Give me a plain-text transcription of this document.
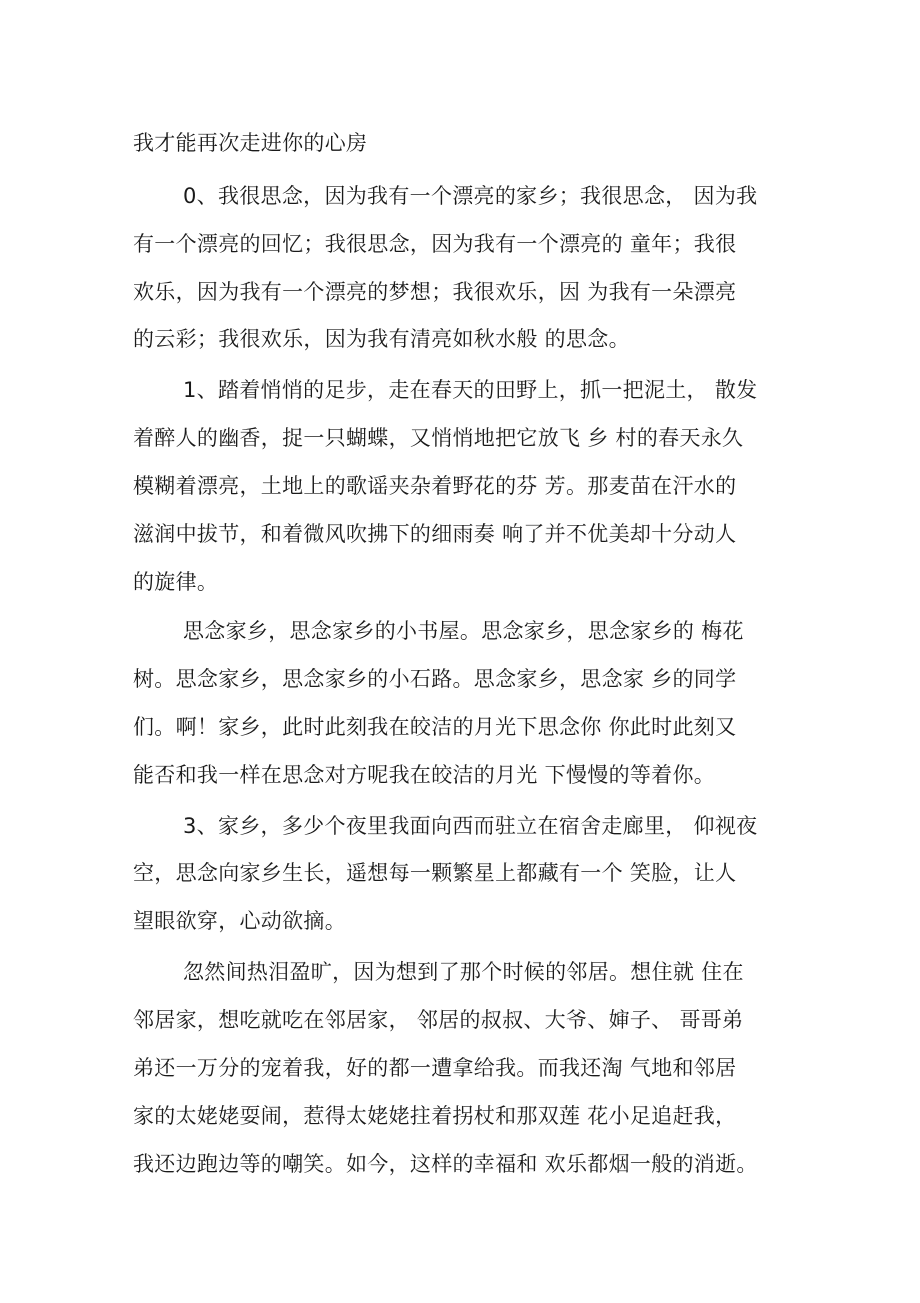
我才能再次走进你的心房
0、我很思念，因为我有一个漂亮的家乡；我很思念， 因为我
有一个漂亮的回忆；我很思念，因为我有一个漂亮的 童年；我很
欢乐，因为我有一个漂亮的梦想；我很欢乐，因 为我有一朵漂亮
的云彩；我很欢乐，因为我有清亮如秋水般 的思念。
1、踏着悄悄的足步，走在春天的田野上，抓一把泥土， 散发
着醉人的幽香，捉一只蝴蝶，又悄悄地把它放飞 乡 村的春天永久
模糊着漂亮，土地上的歌谣夹杂着野花的芬 芳。那麦苗在汗水的
滋润中拔节，和着微风吹拂下的细雨奏 响了并不优美却十分动人
的旋律。
思念家乡，思念家乡的小书屋。思念家乡，思念家乡的 梅花
树。思念家乡，思念家乡的小石路。思念家乡，思念家 乡的同学
们。啊！家乡，此时此刻我在皎洁的月光下思念你 你此时此刻又
能否和我一样在思念对方呢我在皎洁的月光 下慢慢的等着你。
3、家乡，多少个夜里我面向西而驻立在宿舍走廊里， 仰视夜
空，思念向家乡生长，遥想每一颗繁星上都藏有一个 笑脸，让人
望眼欲穿，心动欲摘。
忽然间热泪盈旷，因为想到了那个时候的邻居。想住就 住在
邻居家，想吃就吃在邻居家， 邻居的叔叔、大爷、婶子、 哥哥弟
弟还一万分的宠着我，好的都一遭拿给我。而我还淘 气地和邻居
家的太姥姥耍闹，惹得太姥姥拄着拐杖和那双莲 花小足追赶我，
我还边跑边等的嘲笑。如今，这样的幸福和 欢乐都烟一般的消逝。
